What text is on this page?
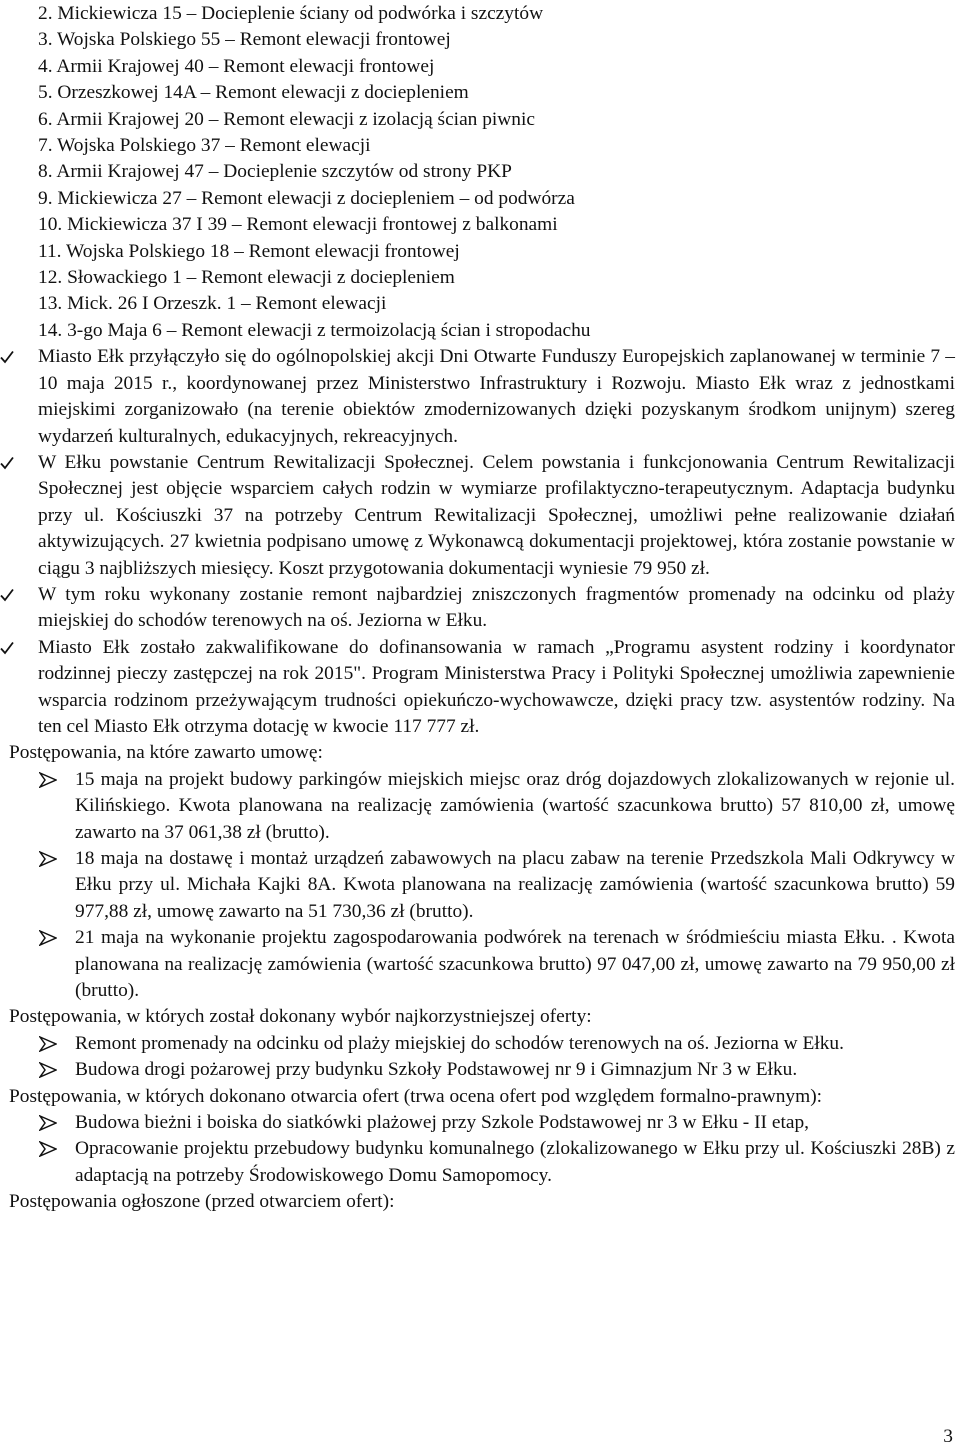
2. Mickiewicza 15 – Docieplenie ściany od podwórka i szczytów
3. Wojska Polskiego 55 – Remont elewacji frontowej
4. Armii Krajowej 40 – Remont elewacji frontowej
5. Orzeszkowej 14A – Remont elewacji z dociepleniem
6. Armii Krajowej 20 – Remont elewacji z izolacją ścian piwnic
7. Wojska Polskiego 37 – Remont elewacji
8. Armii Krajowej 47 – Docieplenie szczytów od strony PKP
9. Mickiewicza 27 – Remont elewacji z dociepleniem – od podwórza
10. Mickiewicza 37 I 39 – Remont elewacji frontowej z balkonami
11. Wojska Polskiego 18 – Remont elewacji frontowej
12. Słowackiego 1 – Remont elewacji z dociepleniem
13. Mick. 26 I Orzeszk. 1 – Remont elewacji
14. 3-go Maja 6 – Remont elewacji z termoizolacją ścian i stropodachu
Miasto Ełk przyłączyło się do ogólnopolskiej akcji Dni Otwarte Funduszy Europejskich zaplanowanej w terminie 7 – 10 maja 2015 r., koordynowanej przez Ministerstwo Infrastruktury i Rozwoju. Miasto Ełk wraz z jednostkami miejskimi zorganizowało (na terenie obiektów zmodernizowanych dzięki pozyskanym środkom unijnym) szereg wydarzeń kulturalnych, edukacyjnych, rekreacyjnych.
W Ełku powstanie Centrum Rewitalizacji Społecznej. Celem powstania i funkcjonowania Centrum Rewitalizacji Społecznej jest objęcie wsparciem całych rodzin w wymiarze profilaktyczno-terapeutycznym. Adaptacja budynku przy ul. Kościuszki 37 na potrzeby Centrum Rewitalizacji Społecznej, umożliwi pełne realizowanie działań aktywizujących. 27 kwietnia podpisano umowę z Wykonawcą dokumentacji projektowej, która zostanie powstanie w ciągu 3 najbliższych miesięcy. Koszt przygotowania dokumentacji wyniesie 79 950 zł.
W tym roku wykonany zostanie remont najbardziej zniszczonych fragmentów promenady na odcinku od plaży miejskiej do schodów terenowych na oś. Jeziorna w Ełku.
Miasto Ełk zostało zakwalifikowane do dofinansowania w ramach „Programu asystent rodziny i koordynator rodzinnej pieczy zastępczej na rok 2015". Program Ministerstwa Pracy i Polityki Społecznej umożliwia zapewnienie wsparcia rodzinom przeżywającym trudności opiekuńczo-wychowawcze, dzięki pracy tzw. asystentów rodziny. Na ten cel Miasto Ełk otrzyma dotację w kwocie 117 777 zł.
Postępowania, na które zawarto umowę:
15 maja na projekt budowy parkingów miejskich miejsc oraz dróg dojazdowych zlokalizowanych w rejonie ul. Kilińskiego. Kwota planowana na realizację zamówienia (wartość szacunkowa brutto) 57 810,00 zł, umowę zawarto na 37 061,38 zł (brutto).
18 maja na dostawę i montaż urządzeń zabawowych na placu zabaw na terenie Przedszkola Mali Odkrywcy w Ełku przy ul. Michała Kajki 8A. Kwota planowana na realizację zamówienia (wartość szacunkowa brutto) 59 977,88 zł, umowę zawarto na 51 730,36 zł (brutto).
21 maja na wykonanie projektu zagospodarowania podwórek na terenach w śródmieściu miasta Ełku. . Kwota planowana na realizację zamówienia (wartość szacunkowa brutto) 97 047,00 zł, umowę zawarto na 79 950,00 zł (brutto).
Postępowania, w których został dokonany wybór najkorzystniejszej oferty:
Remont promenady na odcinku od plaży miejskiej do schodów terenowych na oś. Jeziorna w Ełku.
Budowa drogi pożarowej przy budynku Szkoły Podstawowej nr 9 i Gimnazjum Nr 3 w Ełku.
Postępowania, w których dokonano otwarcia ofert (trwa ocena ofert pod względem formalno-prawnym):
Budowa bieżni i boiska do siatkówki plażowej przy Szkole Podstawowej nr 3 w Ełku - II etap,
Opracowanie projektu przebudowy budynku komunalnego (zlokalizowanego w Ełku przy ul. Kościuszki 28B) z adaptacją na potrzeby Środowiskowego Domu Samopomocy.
Postępowania ogłoszone (przed otwarciem ofert):
3
